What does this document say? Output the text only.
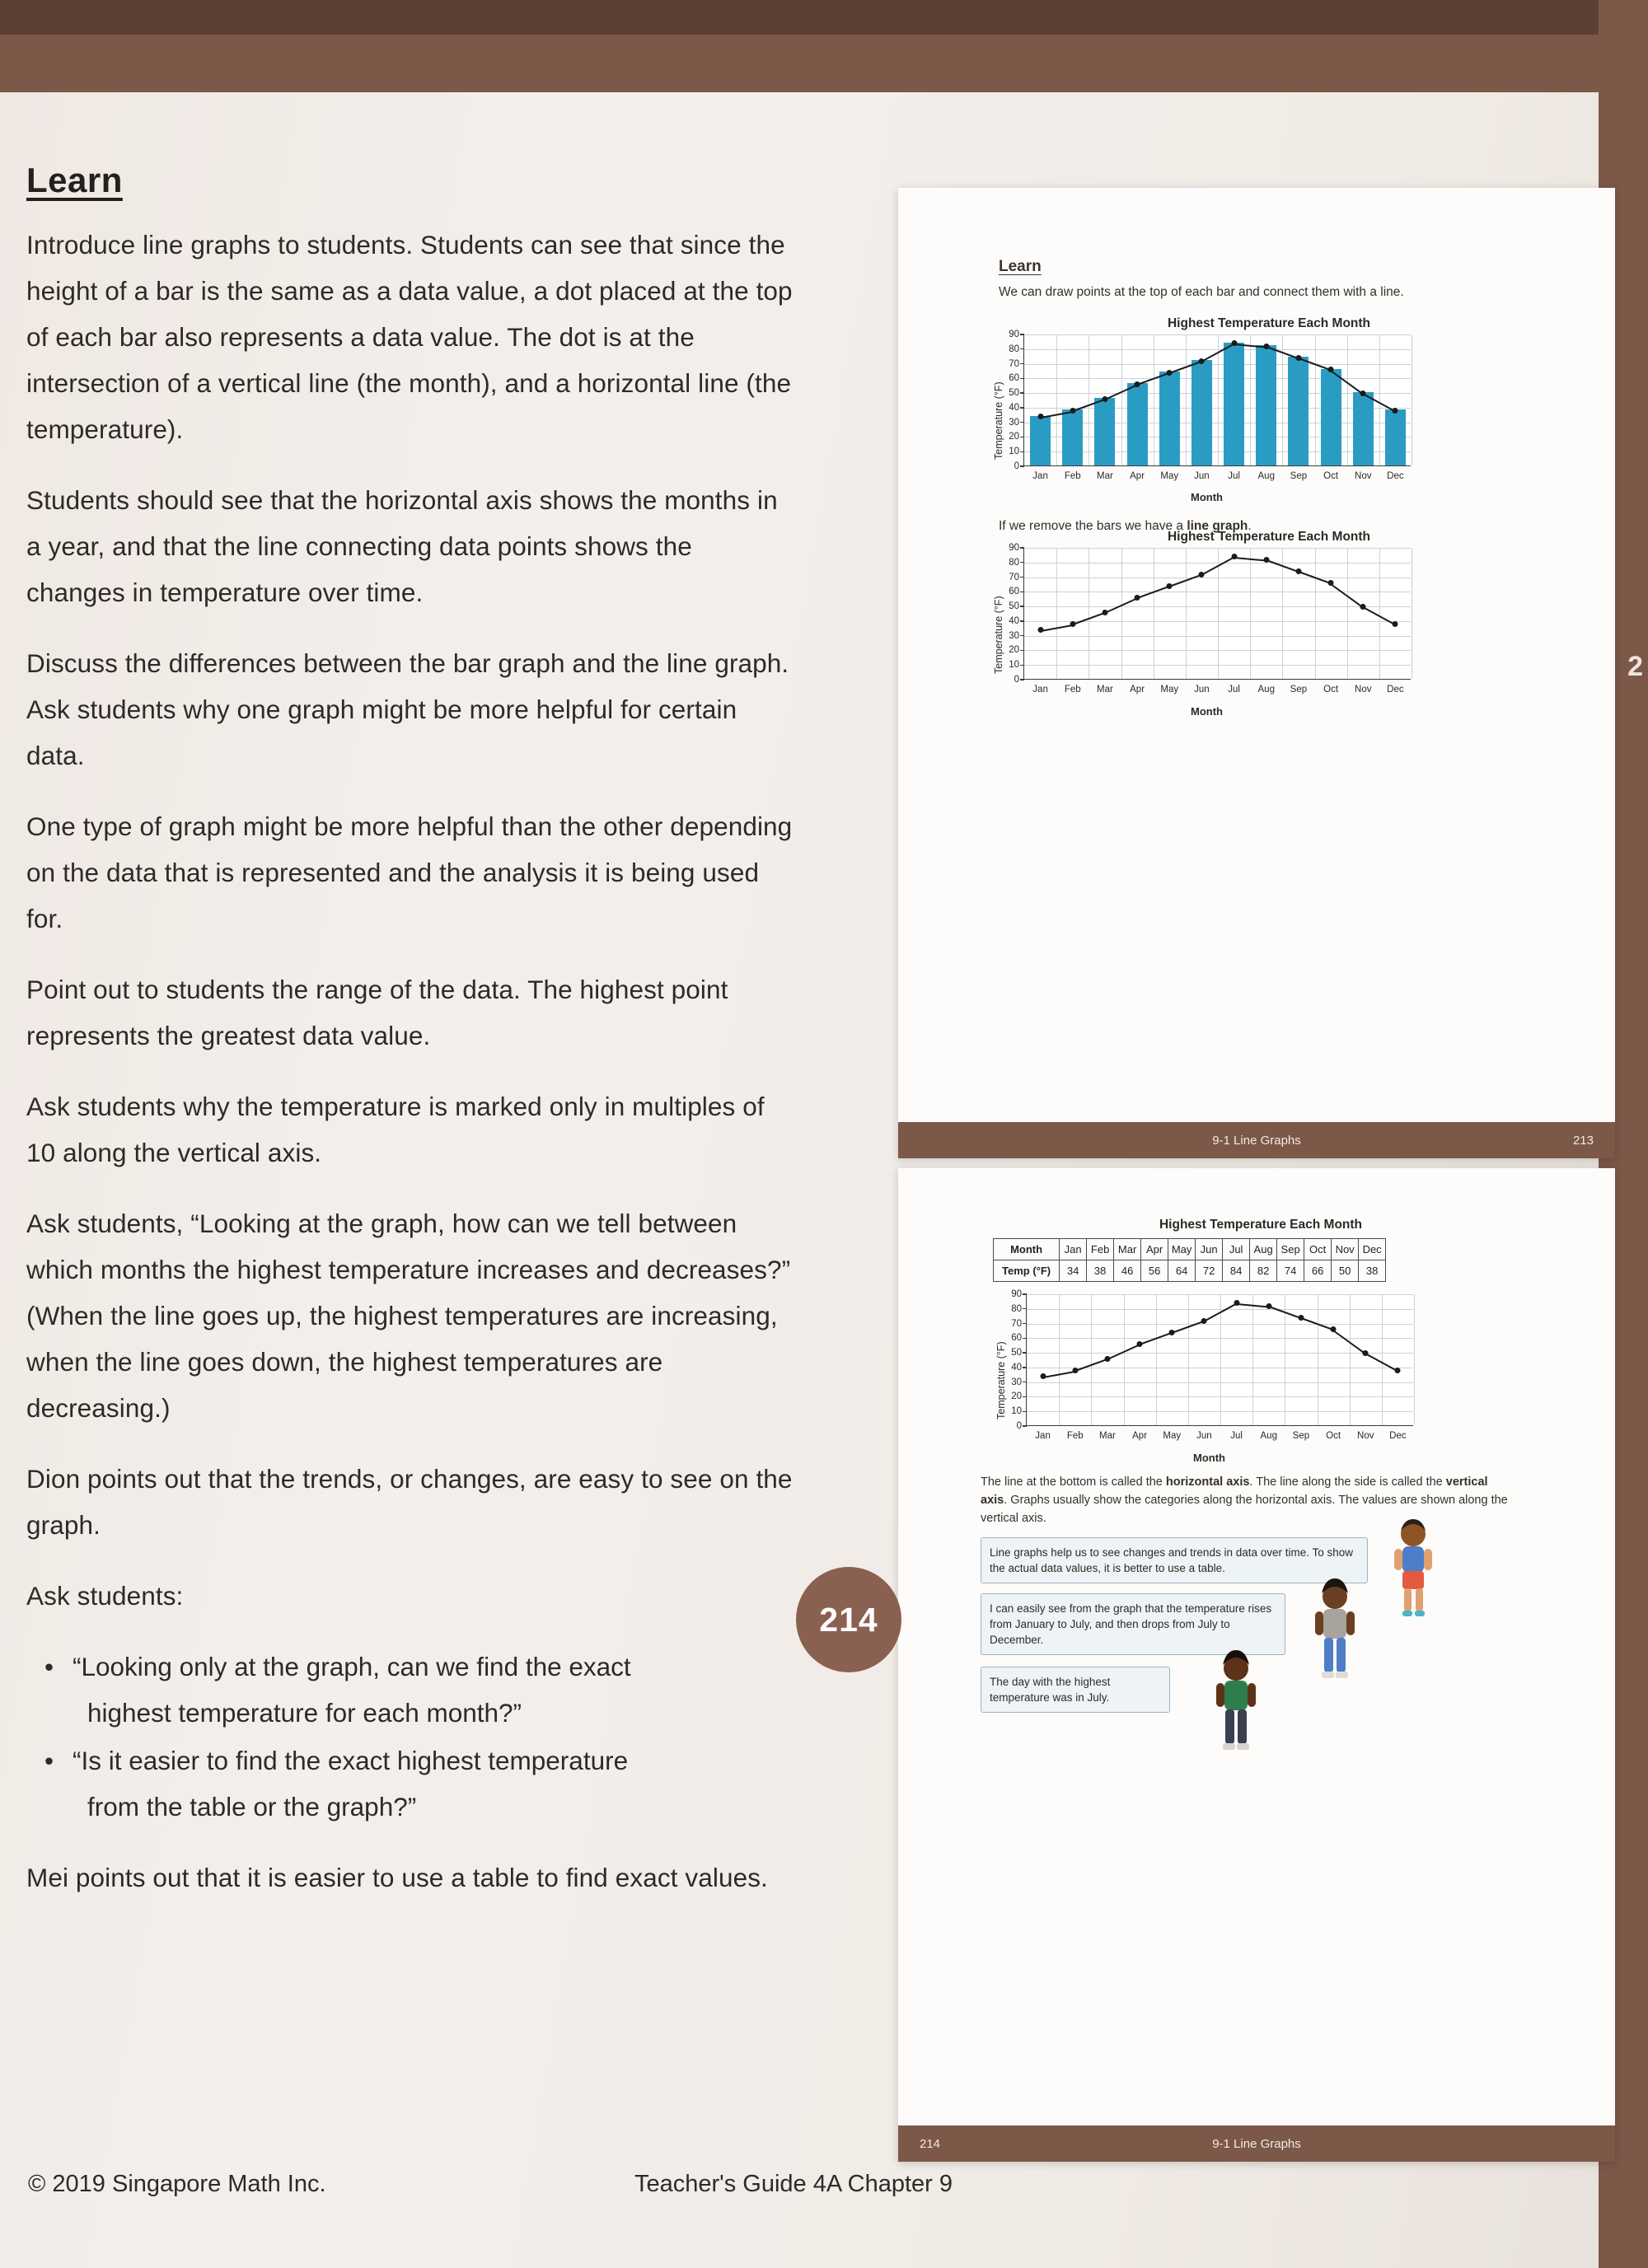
2
Learn

Introduce line graphs to students. Students can see that since the height of a bar is the same as a data value, a dot placed at the top of each bar also represents a data value. The dot is at the intersection of a vertical line (the month), and a horizontal line (the temperature).

Students should see that the horizontal axis shows the months in a year, and that the line connecting data points shows the changes in temperature over time.

Discuss the differences between the bar graph and the line graph. Ask students why one graph might be more helpful for certain data.

One type of graph might be more helpful than the other depending on the data that is represented and the analysis it is being used for.

Point out to students the range of the data. The highest point represents the greatest data value.

Ask students why the temperature is marked only in multiples of 10 along the vertical axis.

Ask students, “Looking at the graph, how can we tell between which months the highest temperature increases and decreases?” (When the line goes up, the highest temperatures are increasing, when the line goes down, the highest temperatures are decreasing.)

Dion points out that the trends, or changes, are easy to see on the graph.

Ask students:

• “Looking only at the graph, can we find the exact
highest temperature for each month?”
• “Is it easier to find the exact highest temperature
from the table or the graph?”

Mei points out that it is easier to use a table to find exact values.

© 2019 Singapore Math Inc.	Teacher's Guide 4A Chapter 9
Learn
We can draw points at the top of each bar and connect them with a line.
Highest Temperature Each Month
Temperature (°F)
0
10
20
30
40
50
60
70
80
90
Jan Feb Mar Apr May Jun Jul Aug Sep Oct Nov Dec
Month
If we remove the bars we have a line graph.
Highest Temperature Each Month
Temperature (°F)
0
10
20
30
40
50
60
70
80
90
Jan Feb Mar Apr May Jun Jul Aug Sep Oct Nov Dec
Month
9-1 Line Graphs	213
Highest Temperature Each Month
Month	Jan	Feb	Mar	Apr	May	Jun	Jul	Aug	Sep	Oct	Nov	Dec
Temp (°F)	34	38	46	56	64	72	84	82	74	66	50	38
Temperature (°F)
0
10
20
30
40
50
60
70
80
90
Jan Feb Mar Apr May Jun Jul Aug Sep Oct Nov Dec
Month
The line at the bottom is called the horizontal axis. The line along the side is called the vertical axis. Graphs usually show the categories along the horizontal axis. The values are shown along the vertical axis.
Line graphs help us to see changes and trends in data over time. To show the actual data values, it is better to use a table.
I can easily see from the graph that the temperature rises from January to July, and then drops from July to December.
The day with the highest temperature was in July.
214	9-1 Line Graphs
214
